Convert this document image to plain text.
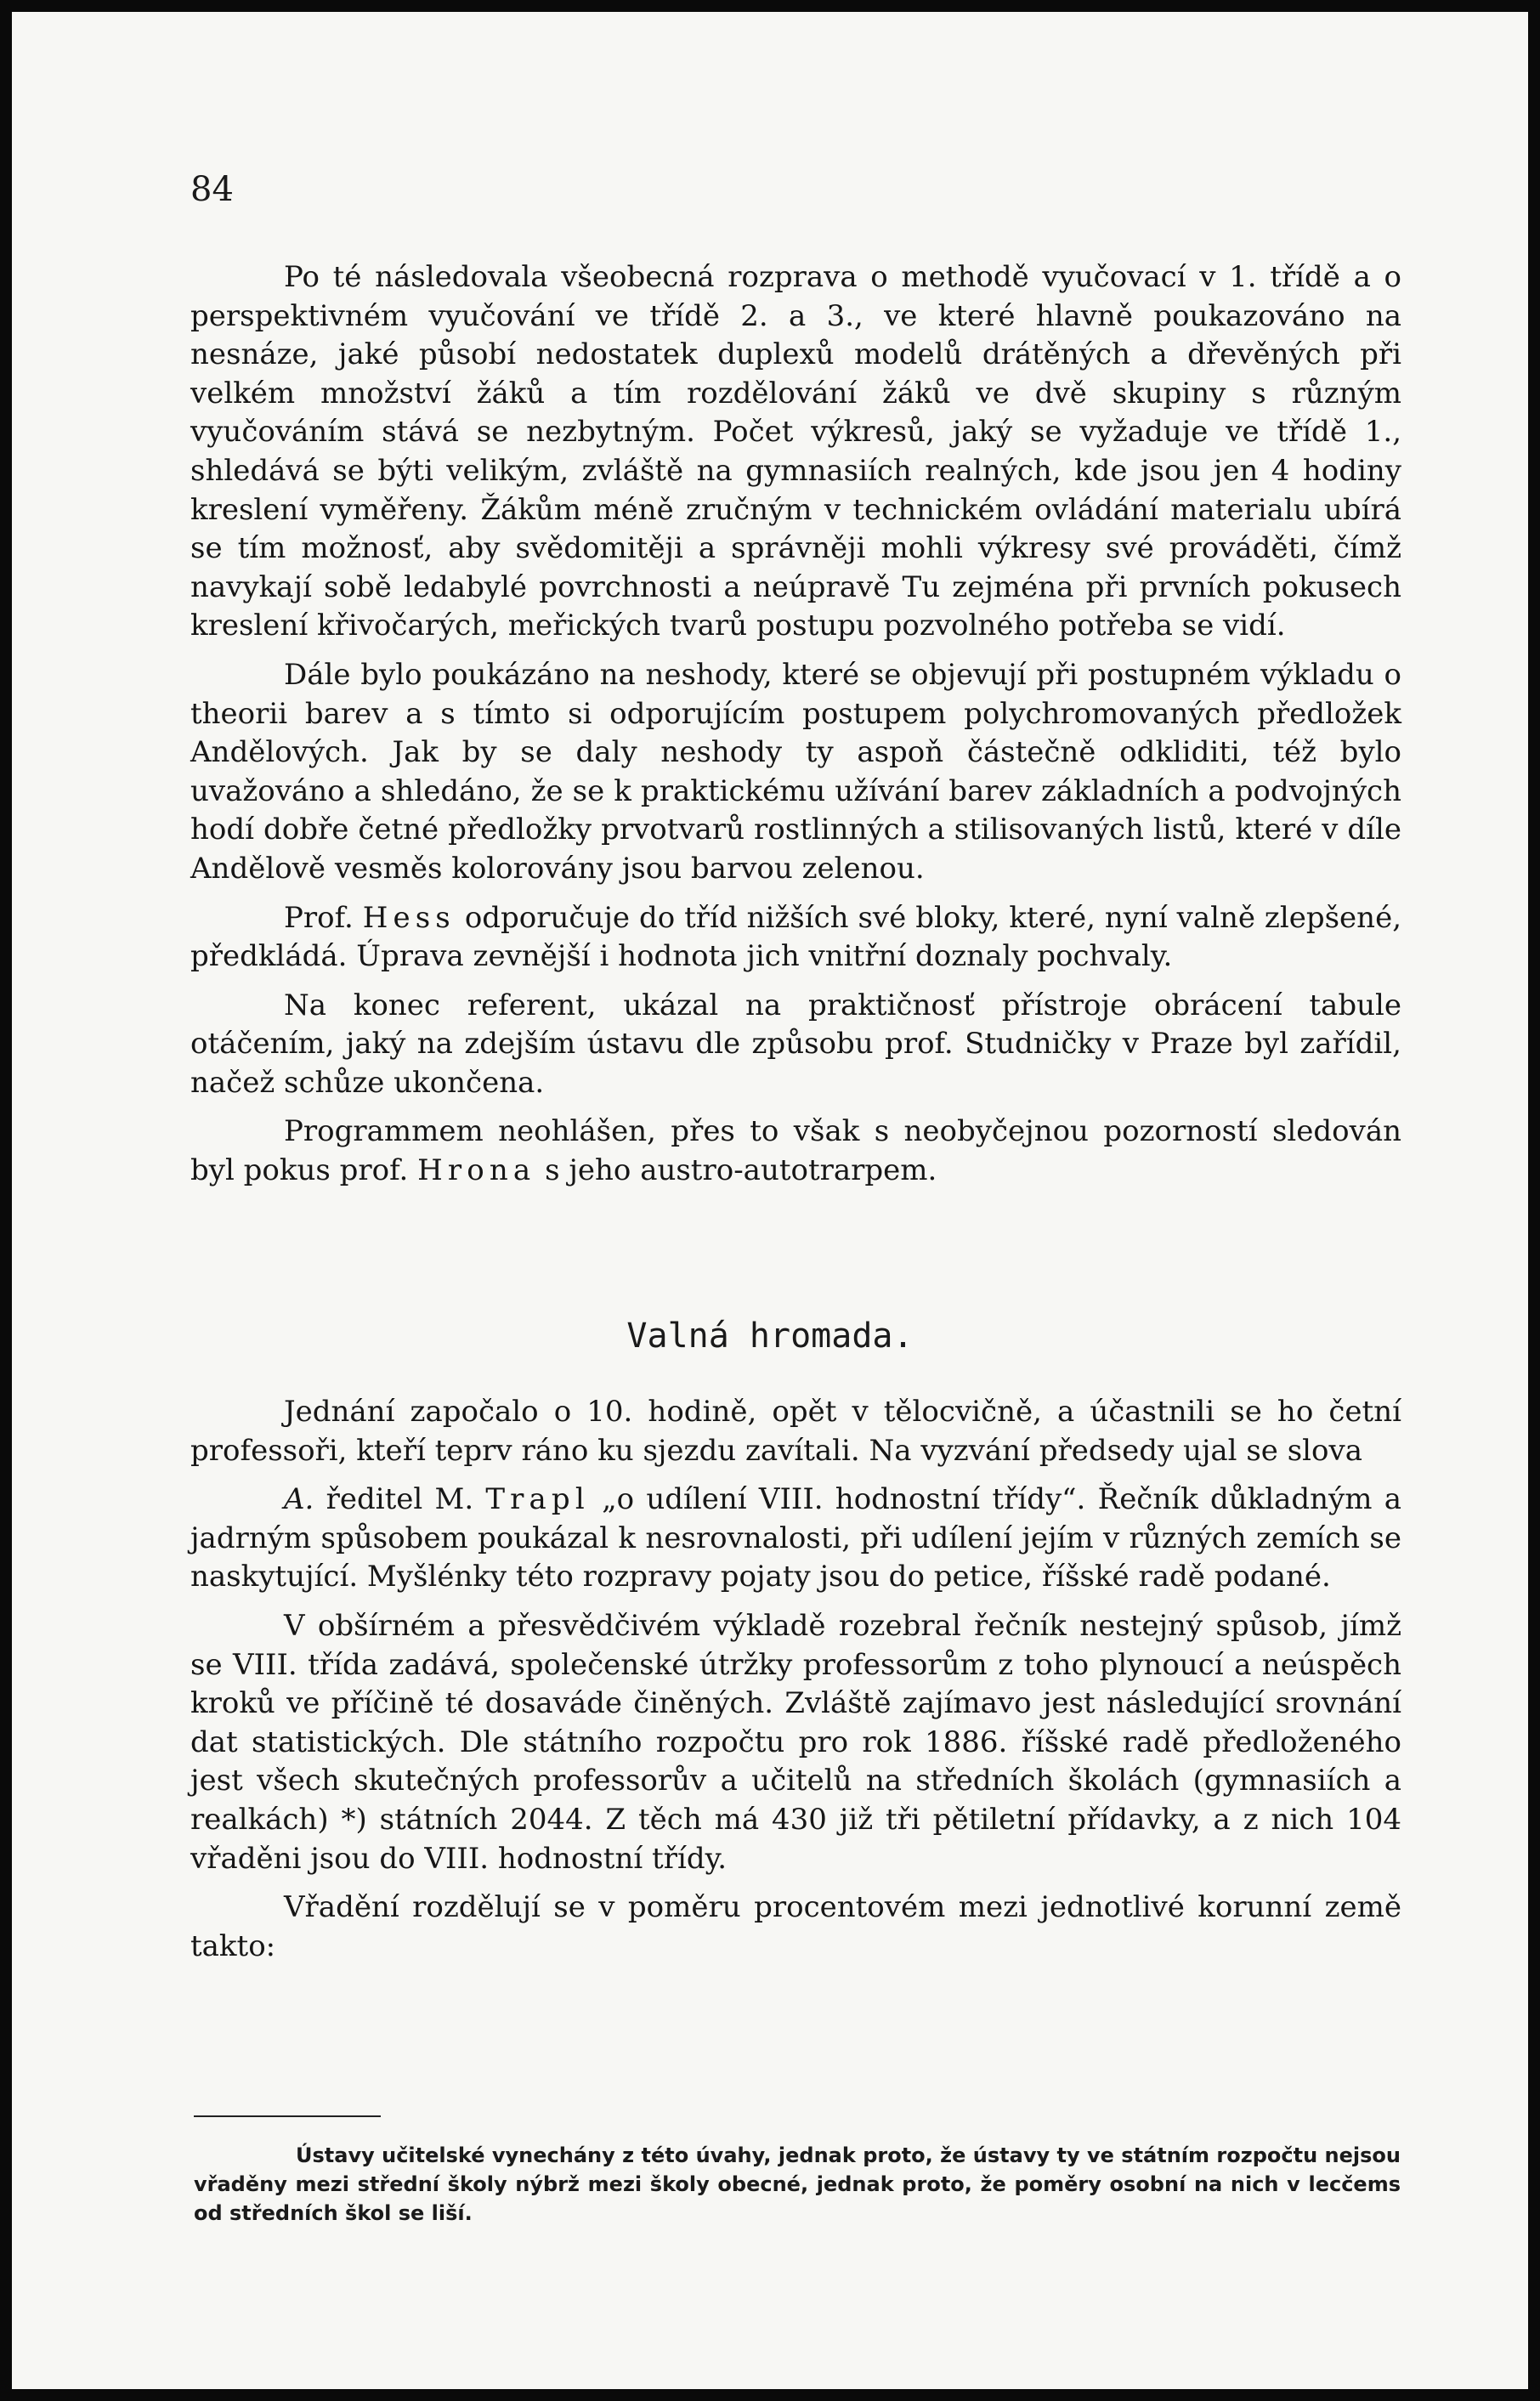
84

Po té následovala všeobecná rozprava o methodě vyučovací v 1. třídě a o perspektivném vyučování ve třídě 2. a 3., ve které hlavně poukazováno na nesnáze, jaké působí nedostatek duplexů modelů drátěných a dřevěných při velkém množství žáků a tím rozdělování žáků ve dvě skupiny s různým vyučováním stává se nezbytným. Počet výkresů, jaký se vyžaduje ve třídě 1., shledává se býti velikým, zvláště na gymnasiích realných, kde jsou jen 4 hodiny kreslení vyměřeny. Žákům méně zručným v technickém ovládání materialu ubírá se tím možnosť, aby svědomitěji a správněji mohli výkresy své prováděti, čímž navykají sobě ledabylé povrchnosti a neúpravě Tu zejména při prvních pokusech kreslení křivočarých, meřických tvarů postupu pozvolného potřeba se vidí.

Dále bylo poukázáno na neshody, které se objevují při postupném výkladu o theorii barev a s tímto si odporujícím postupem polychromovaných předložek Andělových. Jak by se daly neshody ty aspoň částečně odkliditi, též bylo uvažováno a shledáno, že se k praktickému užívání barev základních a podvojných hodí dobře četné předložky prvotvarů rostlinných a stilisovaných listů, které v díle Andělově vesměs kolorovány jsou barvou zelenou.

Prof. Hess odporučuje do tříd nižších své bloky, které, nyní valně zlepšené, předkládá. Úprava zevnější i hodnota jich vnitřní doznaly pochvaly.

Na konec referent, ukázal na praktičnosť přístroje obrácení tabule otáčením, jaký na zdejším ústavu dle způsobu prof. Studničky v Praze byl zařídil, načež schůze ukončena.

Programmem neohlášen, přes to však s neobyčejnou pozorností sledován byl pokus prof. Hrona s jeho austro-autotrarpem.

Valná hromada.

Jednání započalo o 10. hodině, opět v tělocvičně, a účastnili se ho četní professoři, kteří teprv ráno ku sjezdu zavítali. Na vyzvání předsedy ujal se slova

A. ředitel M. Trapl „o udílení VIII. hodnostní třídy“. Řečník důkladným a jadrným spůsobem poukázal k nesrovnalosti, při udílení jejím v různých zemích se naskytující. Myšlénky této rozpravy pojaty jsou do petice, říšské radě podané.

V obšírném a přesvědčivém výkladě rozebral řečník nestejný spůsob, jímž se VIII. třída zadává, společenské útržky professorům z toho plynoucí a neúspěch kroků ve příčině té dosaváde činěných. Zvláště zajímavo jest následující srovnání dat statistických. Dle státního rozpočtu pro rok 1886. říšské radě předloženého jest všech skutečných professorův a učitelů na středních školách (gymnasiích a realkách) *) státních 2044. Z těch má 430 již tři pětiletní přídavky, a z nich 104 vřaděni jsou do VIII. hodnostní třídy.

Vřadění rozdělují se v poměru procentovém mezi jednotlivé korunní země takto:

Ústavy učitelské vynechány z této úvahy, jednak proto, že ústavy ty ve státním rozpočtu nejsou vřaděny mezi střední školy nýbrž mezi školy obecné, jednak proto, že poměry osobní na nich v lecčems od středních škol se liší.
